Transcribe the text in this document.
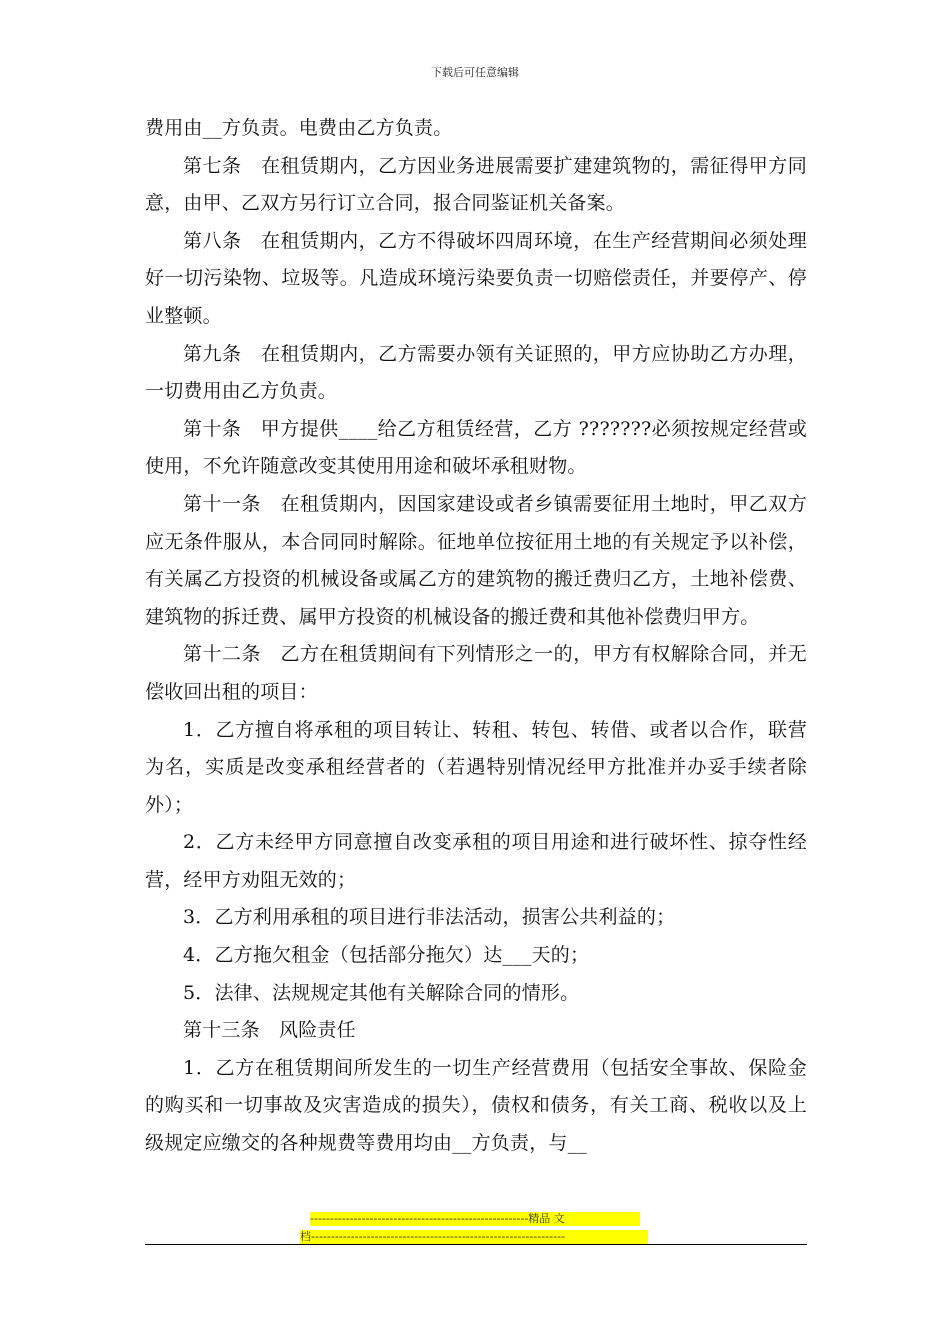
下载后可任意编辑

费用由__方负责。电费由乙方负责。

第七条　在租赁期内，乙方因业务进展需要扩建建筑物的，需征得甲方同意，由甲、乙双方另行订立合同，报合同鉴证机关备案。

第八条　在租赁期内，乙方不得破坏四周环境，在生产经营期间必须处理好一切污染物、垃圾等。凡造成环境污染要负责一切赔偿责任，并要停产、停业整顿。

第九条　在租赁期内，乙方需要办领有关证照的，甲方应协助乙方办理，一切费用由乙方负责。

第十条　甲方提供____给乙方租赁经营，乙方 ???????必须按规定经营或使用，不允许随意改变其使用用途和破坏承租财物。

第十一条　在租赁期内，因国家建设或者乡镇需要征用土地时，甲乙双方应无条件服从，本合同同时解除。征地单位按征用土地的有关规定予以补偿，有关属乙方投资的机械设备或属乙方的建筑物的搬迁费归乙方，土地补偿费、建筑物的拆迁费、属甲方投资的机械设备的搬迁费和其他补偿费归甲方。

第十二条　乙方在租赁期间有下列情形之一的，甲方有权解除合同，并无偿收回出租的项目：

1．乙方擅自将承租的项目转让、转租、转包、转借、或者以合作，联营为名，实质是改变承租经营者的（若遇特别情况经甲方批准并办妥手续者除外）；

2．乙方未经甲方同意擅自改变承租的项目用途和进行破坏性、掠夺性经营，经甲方劝阻无效的；

3．乙方利用承租的项目进行非法活动，损害公共利益的；

4．乙方拖欠租金（包括部分拖欠）达___天的；

5．法律、法规规定其他有关解除合同的情形。

第十三条　风险责任

1．乙方在租赁期间所发生的一切生产经营费用（包括安全事故、保险金的购买和一切事故及灾害造成的损失），债权和债务，有关工商、税收以及上级规定应缴交的各种规费等费用均由__方负责，与__

-------------------------------------------------------精品 文
档----------------------------------------------------------------
